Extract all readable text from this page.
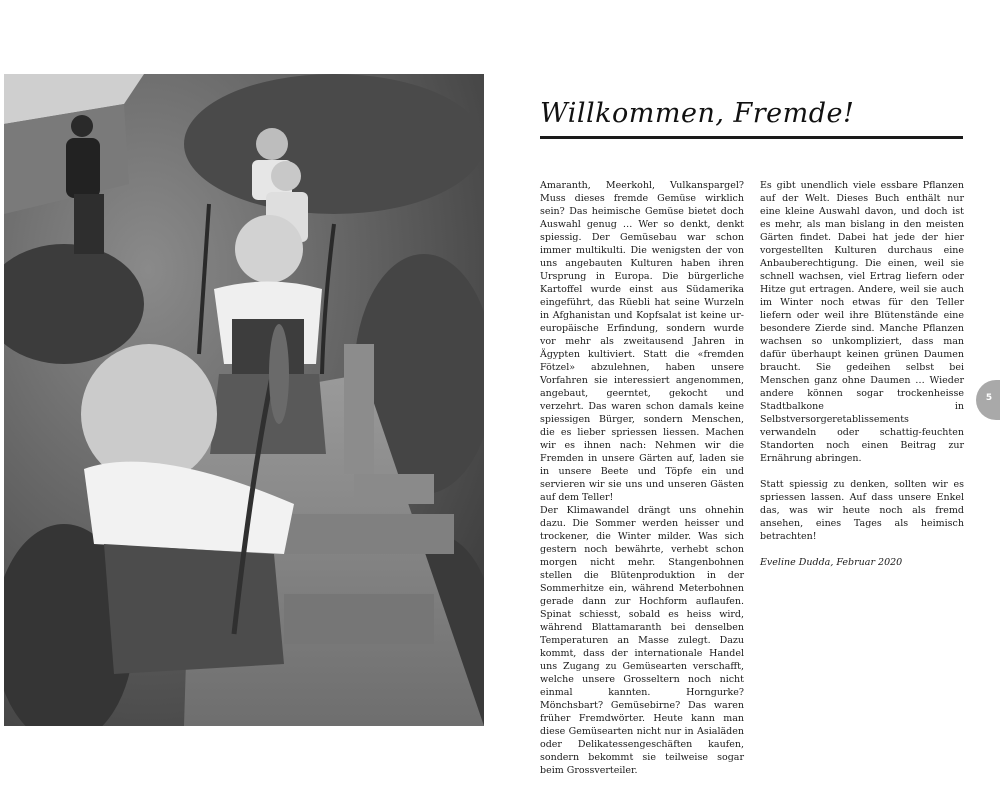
Willkommen, Fremde!

Amaranth, Meerkohl, Vulkanspargel? Muss dieses fremde Gemüse wirklich sein? Das heimische Gemüse bietet doch Auswahl genug … Wer so denkt, denkt spiessig. Der Gemüsebau war schon immer multikulti. Die wenigsten der von uns angebauten Kulturen haben ihren Ursprung in Europa. Die bürgerliche Kartoffel wurde einst aus Südamerika eingeführt, das Rüebli hat seine Wurzeln in Afghanistan und Kopfsalat ist keine ur-europäische Erfindung, sondern wurde vor mehr als zweitausend Jahren in Ägypten kultiviert. Statt die «fremden Fötzel» abzulehnen, haben unsere Vorfahren sie interessiert angenommen, angebaut, geerntet, gekocht und verzehrt. Das waren schon damals keine spiessigen Bürger, sondern Menschen, die es lieber spriessen liessen. Machen wir es ihnen nach: Nehmen wir die Fremden in unsere Gärten auf, laden sie in unsere Beete und Töpfe ein und servieren wir sie uns und unseren Gästen auf dem Teller!

Der Klimawandel drängt uns ohnehin dazu. Die Sommer werden heisser und trockener, die Winter milder. Was sich gestern noch bewährte, verhebt schon morgen nicht mehr. Stangenbohnen stellen die Blütenproduktion in der Sommerhitze ein, während Meterbohnen gerade dann zur Hochform auflaufen. Spinat schiesst, sobald es heiss wird, während Blattamaranth bei denselben Temperaturen an Masse zulegt. Dazu kommt, dass der internationale Handel uns Zugang zu Gemüsearten verschafft, welche unsere Grosseltern noch nicht einmal kannten. Horngurke? Mönchsbart? Gemüsebirne? Das waren früher Fremdwörter. Heute kann man diese Gemüsearten nicht nur in Asialäden oder Delikatessengeschäften kaufen, sondern bekommt sie teilweise sogar beim Grossverteiler.

Es gibt unendlich viele essbare Pflanzen auf der Welt. Dieses Buch enthält nur eine kleine Auswahl davon, und doch ist es mehr, als man bislang in den meisten Gärten findet. Dabei hat jede der hier vorgestellten Kulturen durchaus eine Anbauberechtigung. Die einen, weil sie schnell wachsen, viel Ertrag liefern oder Hitze gut ertragen. Andere, weil sie auch im Winter noch etwas für den Teller liefern oder weil ihre Blütenstände eine besondere Zierde sind. Manche Pflanzen wachsen so unkompliziert, dass man dafür überhaupt keinen grünen Daumen braucht. Sie gedeihen selbst bei Menschen ganz ohne Daumen … Wieder andere können sogar trockenheisse Stadtbalkone in Selbstversorgeretablissements verwandeln oder schattig-feuchten Standorten noch einen Beitrag zur Ernährung abringen.

Statt spiessig zu denken, sollten wir es spriessen lassen. Auf dass unsere Enkel das, was wir heute noch als fremd ansehen, eines Tages als heimisch betrachten!

Eveline Dudda, Februar 2020

5
